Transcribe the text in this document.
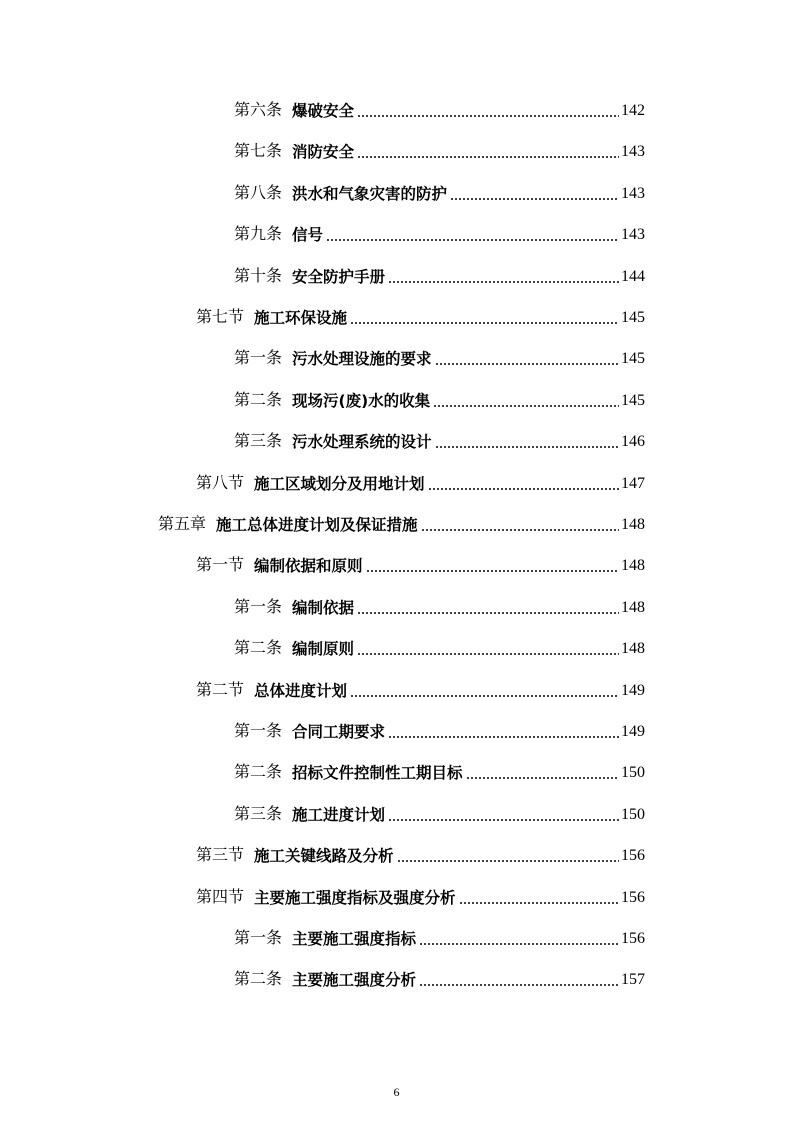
第六条 爆破安全	142
第七条 消防安全	143
第八条 洪水和气象灾害的防护	143
第九条 信号	143
第十条 安全防护手册	144
第七节 施工环保设施	145
第一条 污水处理设施的要求	145
第二条 现场污(废)水的收集	145
第三条 污水处理系统的设计	146
第八节 施工区域划分及用地计划	147
第五章 施工总体进度计划及保证措施	148
第一节 编制依据和原则	148
第一条 编制依据	148
第二条 编制原则	148
第二节 总体进度计划	149
第一条 合同工期要求	149
第二条 招标文件控制性工期目标	150
第三条 施工进度计划	150
第三节 施工关键线路及分析	156
第四节 主要施工强度指标及强度分析	156
第一条 主要施工强度指标	156
第二条 主要施工强度分析	157
6
